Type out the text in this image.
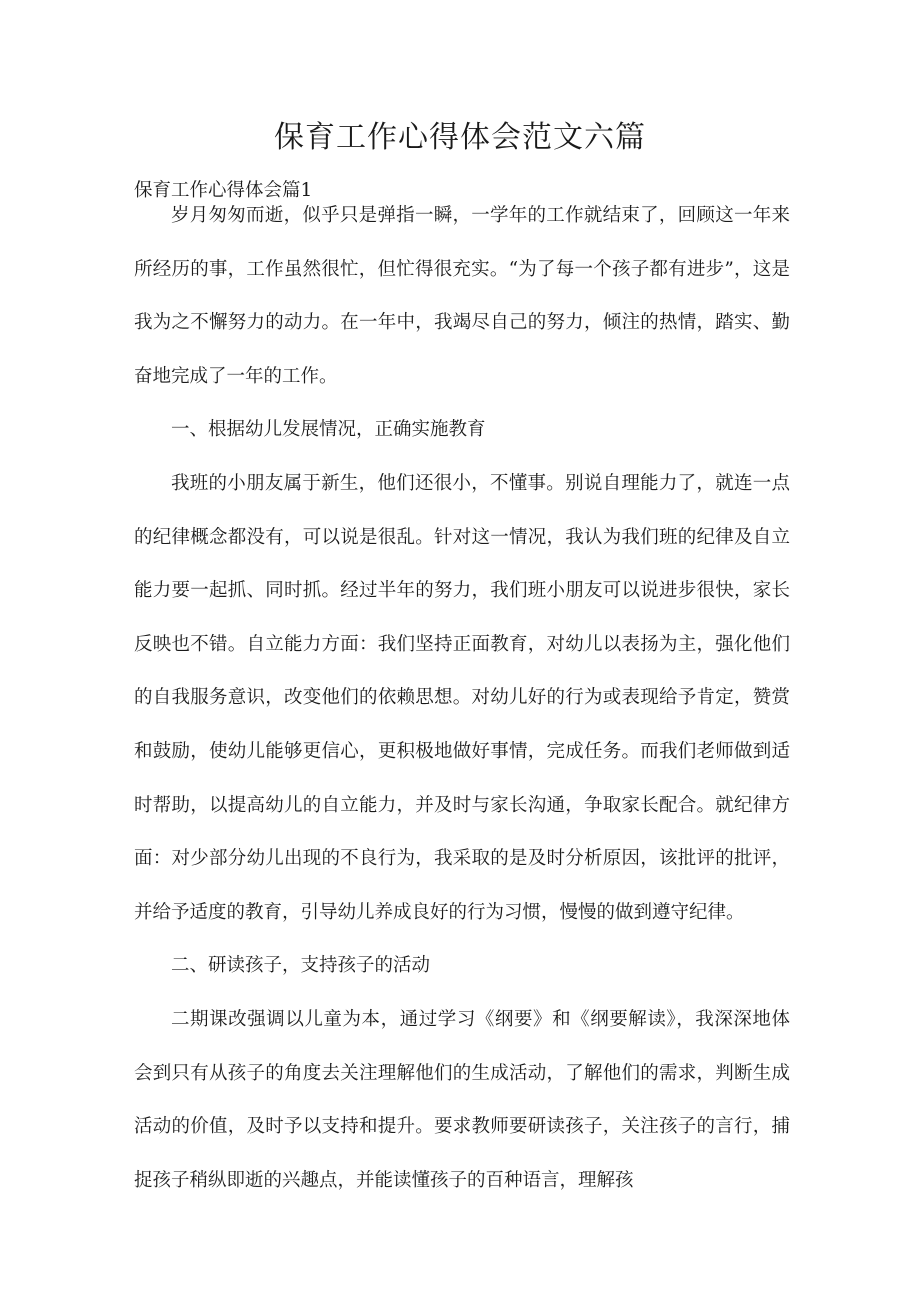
保育工作心得体会范文六篇
保育工作心得体会篇1

岁月匆匆而逝，似乎只是弹指一瞬，一学年的工作就结束了，回顾这一年来所经历的事，工作虽然很忙，但忙得很充实。“为了每一个孩子都有进步”，这是我为之不懈努力的动力。在一年中，我竭尽自己的努力，倾注的热情，踏实、勤奋地完成了一年的工作。

一、根据幼儿发展情况，正确实施教育

我班的小朋友属于新生，他们还很小，不懂事。别说自理能力了，就连一点的纪律概念都没有，可以说是很乱。针对这一情况，我认为我们班的纪律及自立能力要一起抓、同时抓。经过半年的努力，我们班小朋友可以说进步很快，家长反映也不错。自立能力方面：我们坚持正面教育，对幼儿以表扬为主，强化他们的自我服务意识，改变他们的依赖思想。对幼儿好的行为或表现给予肯定，赞赏和鼓励，使幼儿能够更信心，更积极地做好事情，完成任务。而我们老师做到适时帮助，以提高幼儿的自立能力，并及时与家长沟通，争取家长配合。就纪律方面：对少部分幼儿出现的不良行为，我采取的是及时分析原因，该批评的批评，并给予适度的教育，引导幼儿养成良好的行为习惯，慢慢的做到遵守纪律。

二、研读孩子，支持孩子的活动

二期课改强调以儿童为本，通过学习《纲要》和《纲要解读》，我深深地体会到只有从孩子的角度去关注理解他们的生成活动，了解他们的需求，判断生成活动的价值，及时予以支持和提升。要求教师要研读孩子，关注孩子的言行，捕捉孩子稍纵即逝的兴趣点，并能读懂孩子的百种语言，理解孩
